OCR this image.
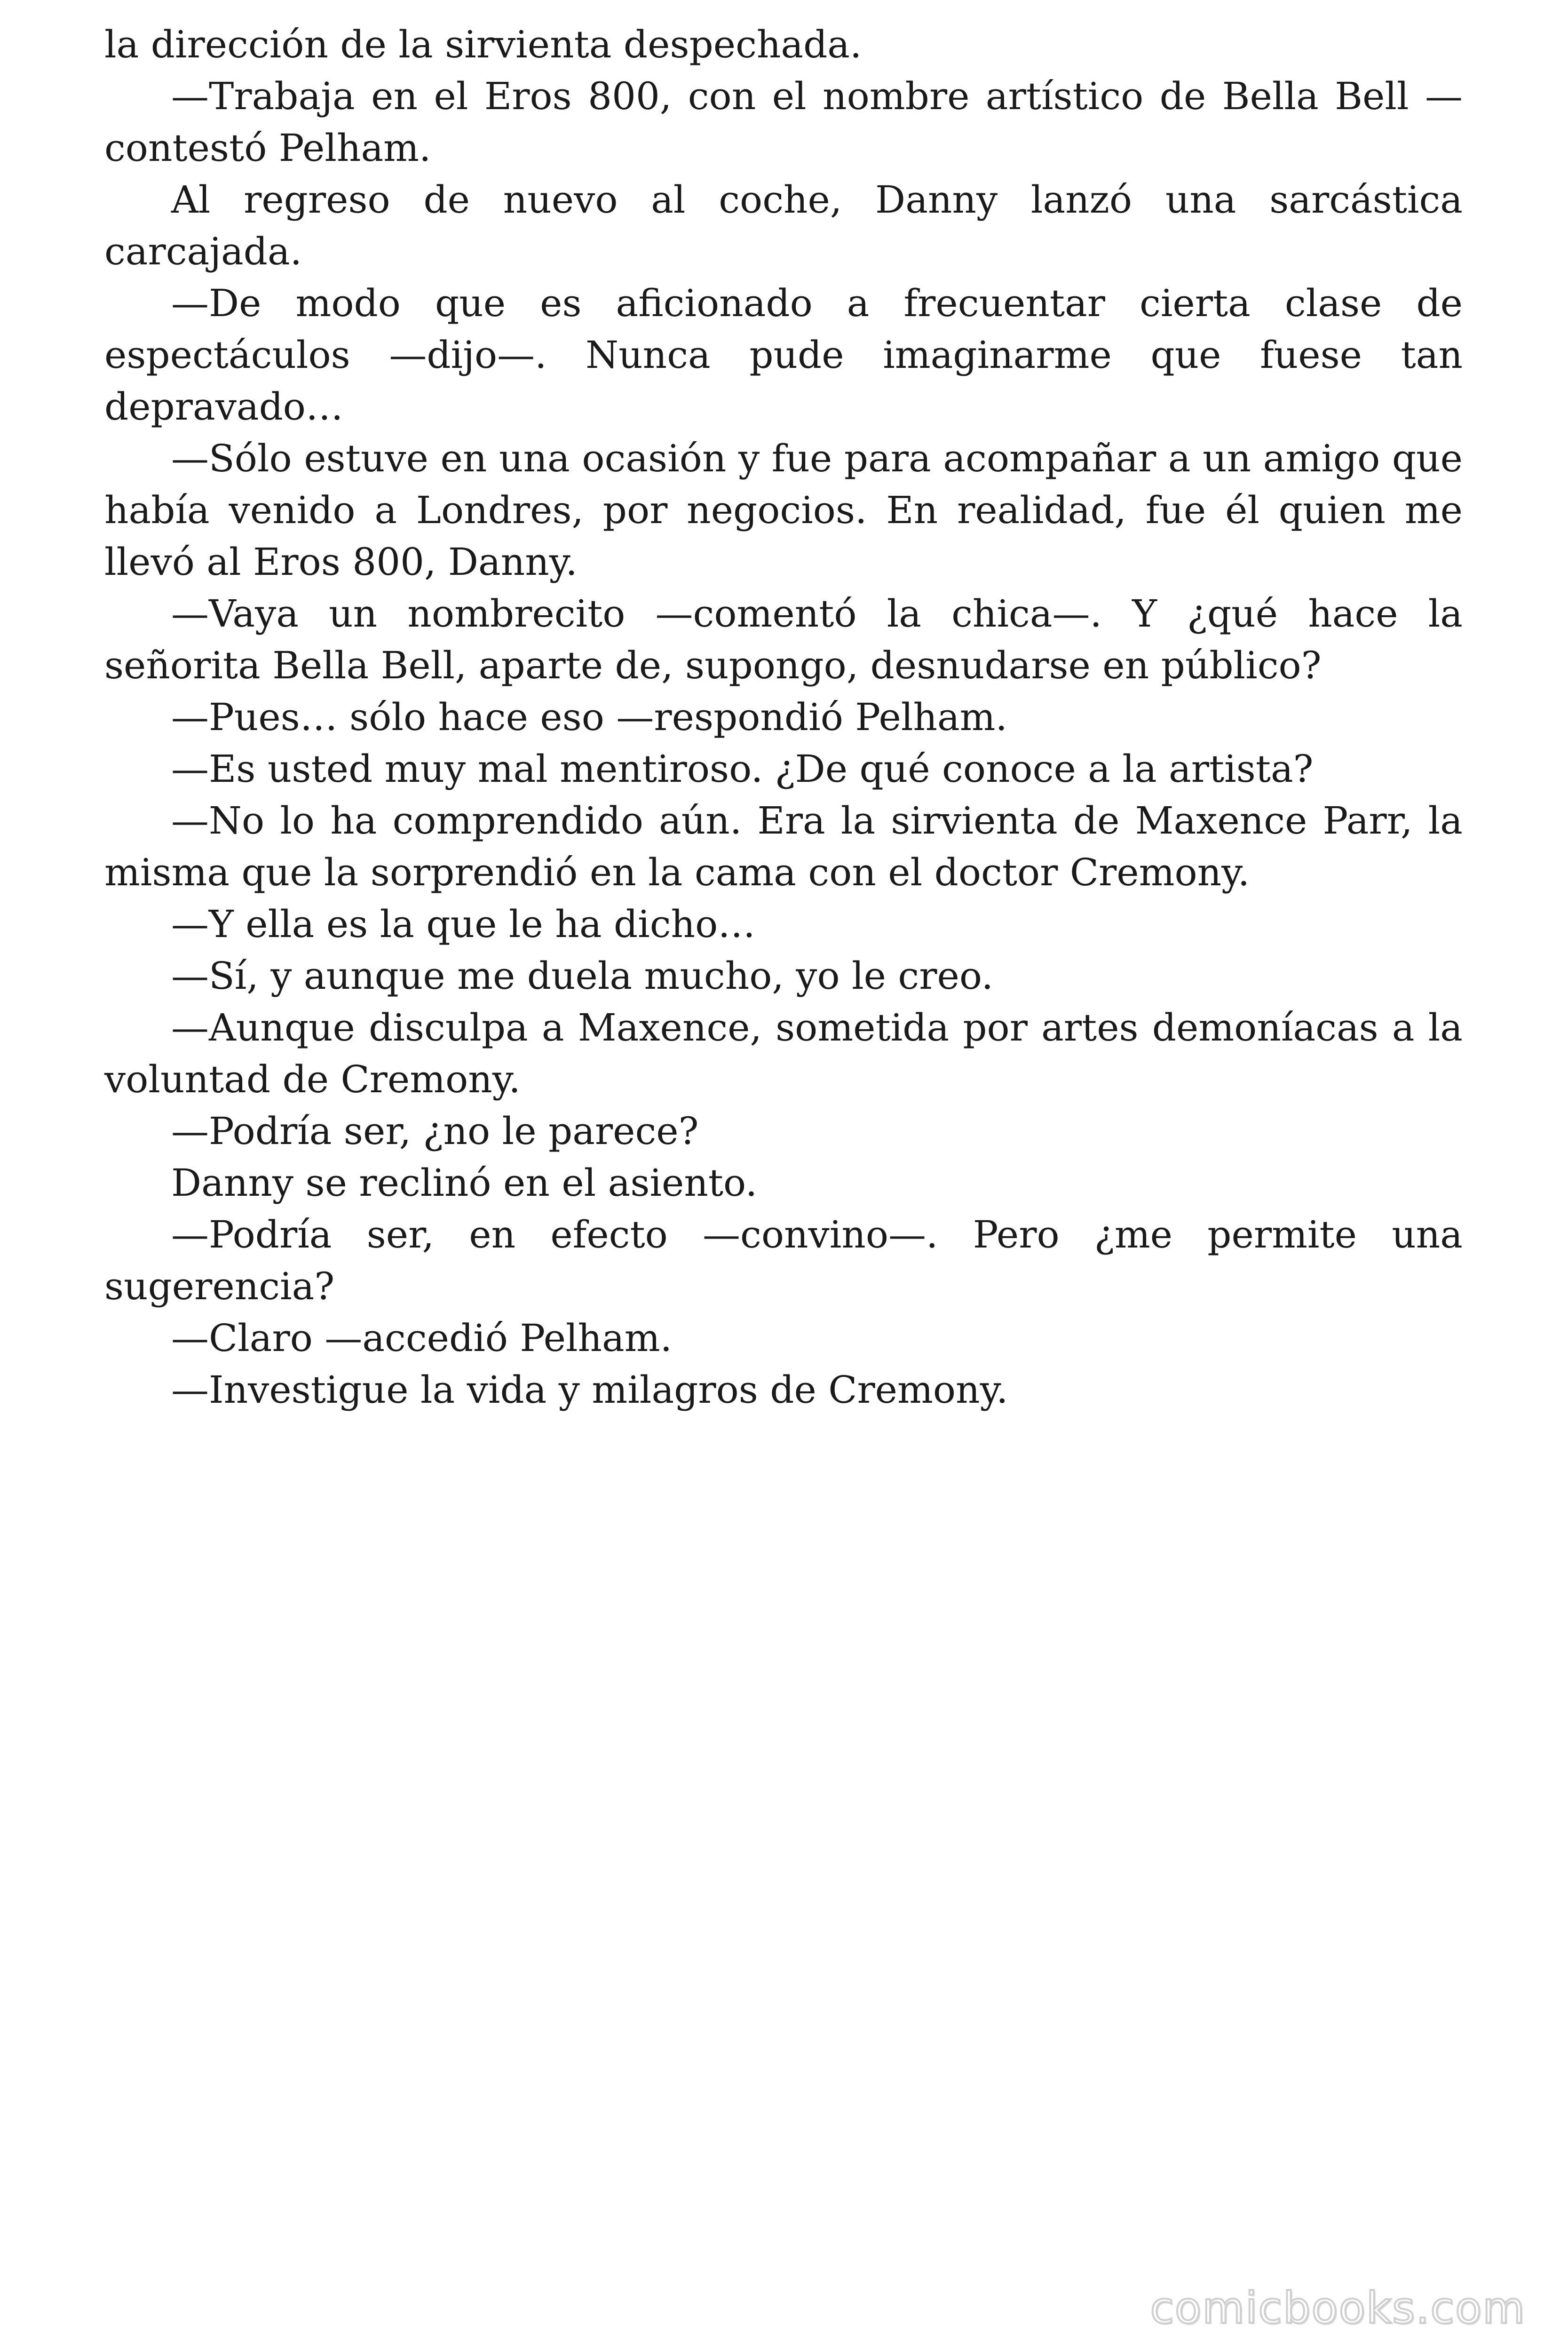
la dirección de la sirvienta despechada.

—Trabaja en el Eros 800, con el nombre artístico de Bella Bell —contestó Pelham.

Al regreso de nuevo al coche, Danny lanzó una sarcástica carcajada.

—De modo que es aficionado a frecuentar cierta clase de espectáculos —dijo—. Nunca pude imaginarme que fuese tan depravado…

—Sólo estuve en una ocasión y fue para acompañar a un amigo que había venido a Londres, por negocios. En realidad, fue él quien me llevó al Eros 800, Danny.

—Vaya un nombrecito —comentó la chica—. Y ¿qué hace la señorita Bella Bell, aparte de, supongo, desnudarse en público?

—Pues… sólo hace eso —respondió Pelham.

—Es usted muy mal mentiroso. ¿De qué conoce a la artista?

—No lo ha comprendido aún. Era la sirvienta de Maxence Parr, la misma que la sorprendió en la cama con el doctor Cremony.

—Y ella es la que le ha dicho…

—Sí, y aunque me duela mucho, yo le creo.

—Aunque disculpa a Maxence, sometida por artes demoníacas a la voluntad de Cremony.

—Podría ser, ¿no le parece?

Danny se reclinó en el asiento.

—Podría ser, en efecto —convino—. Pero ¿me permite una sugerencia?

—Claro —accedió Pelham.

—Investigue la vida y milagros de Cremony.

comicbooks.com
